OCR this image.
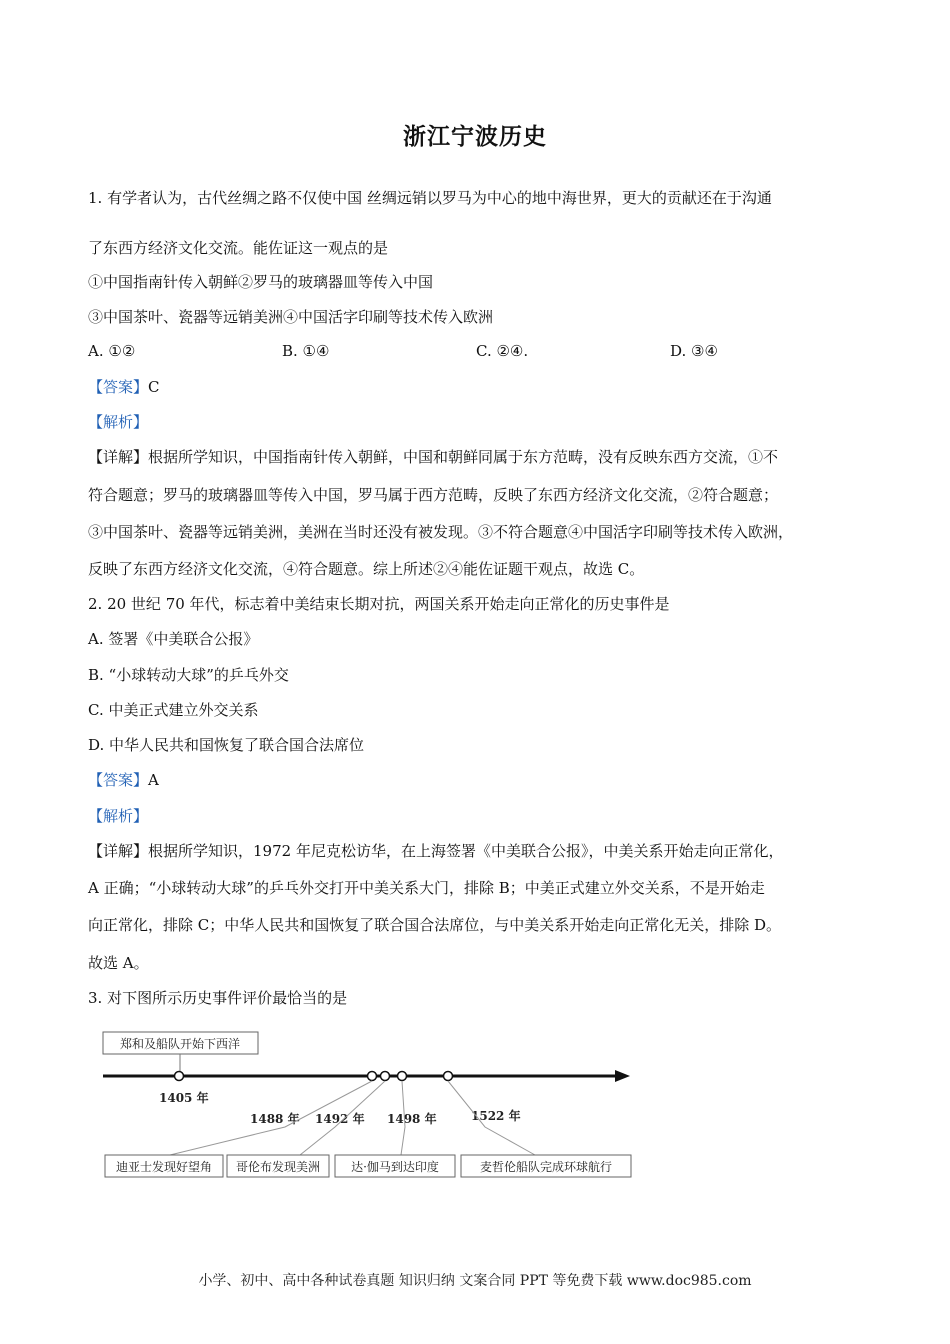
浙江宁波历史
1. 有学者认为，古代丝绸之路不仅使中国 丝绸远销以罗马为中心的地中海世界，更大的贡献还在于沟通
了东西方经济文化交流。能佐证这一观点的是
①中国指南针传入朝鲜②罗马的玻璃器皿等传入中国
③中国茶叶、瓷器等远销美洲④中国活字印刷等技术传入欧洲
A. ①②	B. ①④	C. ②④.	D. ③④
【答案】C
【解析】
【详解】根据所学知识，中国指南针传入朝鲜，中国和朝鲜同属于东方范畴，没有反映东西方交流，①不
符合题意；罗马的玻璃器皿等传入中国，罗马属于西方范畴，反映了东西方经济文化交流，②符合题意；
③中国茶叶、瓷器等远销美洲，美洲在当时还没有被发现。③不符合题意④中国活字印刷等技术传入欧洲，
反映了东西方经济文化交流，④符合题意。综上所述②④能佐证题干观点，故选 C。
2. 20 世纪 70 年代，标志着中美结束长期对抗，两国关系开始走向正常化的历史事件是
A. 签署《中美联合公报》
B. “小球转动大球”的乒乓外交
C. 中美正式建立外交关系
D. 中华人民共和国恢复了联合国合法席位
【答案】A
【解析】
【详解】根据所学知识，1972 年尼克松访华，在上海签署《中美联合公报》，中美关系开始走向正常化，
A 正确；“小球转动大球”的乒乓外交打开中美关系大门，排除 B；中美正式建立外交关系，不是开始走
向正常化，排除 C；中华人民共和国恢复了联合国合法席位，与中美关系开始走向正常化无关，排除 D。
故选 A。
3. 对下图所示历史事件评价最恰当的是
郑和及船队开始下西洋
1405 年
1488 年 1492 年 1498 年	1522 年
迪亚士发现好望角 哥伦布发现美洲	达·伽马到达印度	麦哲伦船队完成环球航行
小学、初中、高中各种试卷真题 知识归纳 文案合同 PPT 等免费下载 www.doc985.com
